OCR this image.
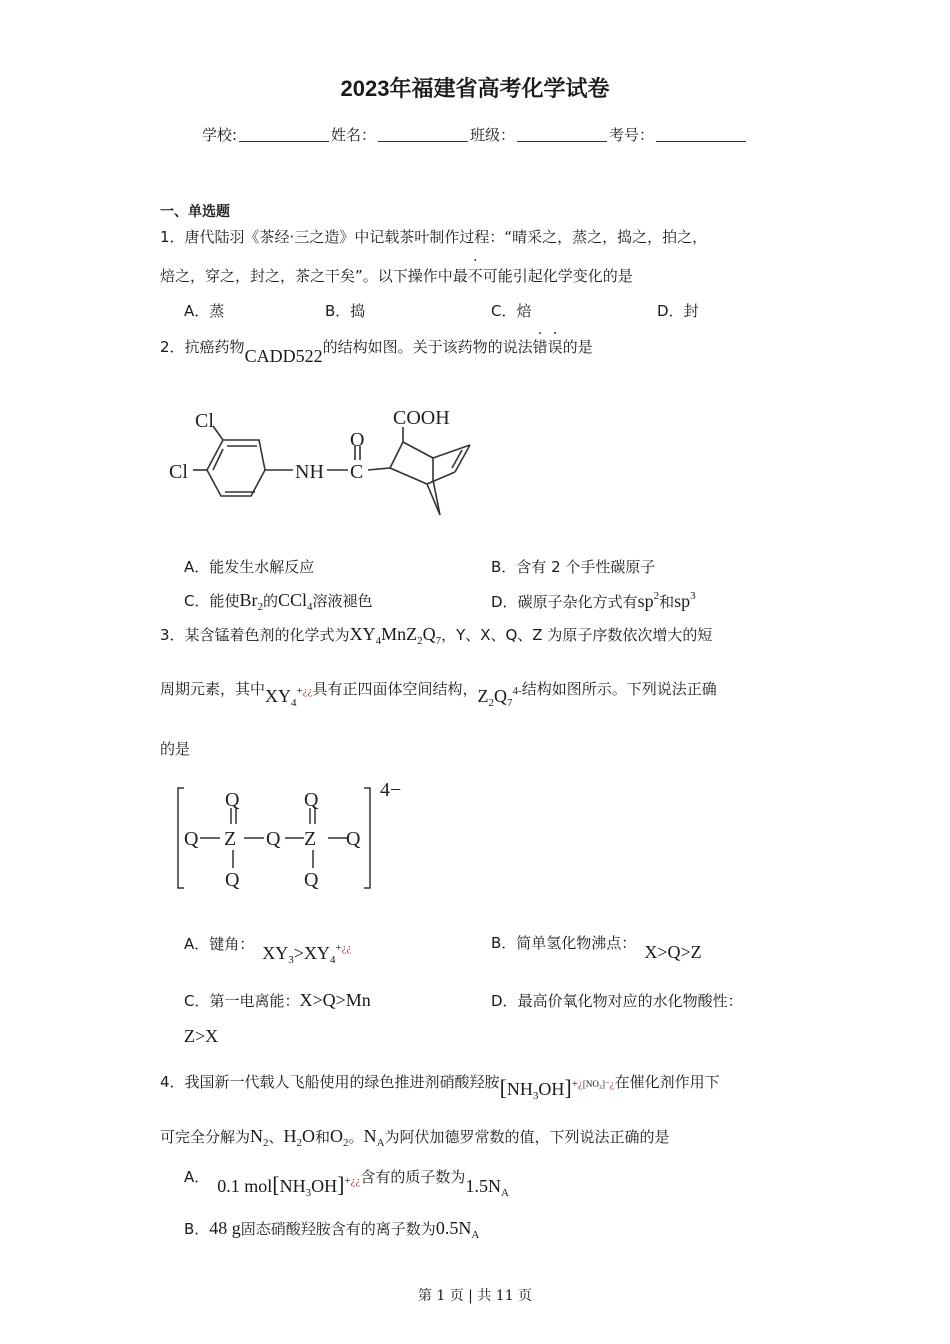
2023年福建省高考化学试卷
学校:	姓名：	班级：	考号：
一、单选题
1．唐代陆羽《茶经·三之造》中记载茶叶制作过程：“晴采之，蒸之，捣之，拍之，
焙之，穿之，封之，茶之干矣”。以下操作中最不可能引起化学变化的是
A．蒸	B．捣	C．焙	D．封
2．抗癌药物CADD522的结构如图。关于该药物的说法错误
· ·
的是
Cl
Cl	NH C
O
COOH
A．能发生水解反应	B．含有 2 个手性碳原子
C．能使$Br_2$的CCl$_4$溶液褪色	D．碳原子杂化方式有$sp^2$和$sp^3$
3．某含锰着色剂的化学式为$XY_4MnZ_2Q_7$，Y、X、Q、Z 为原子序数依次增大的短
周期元素，其中$XY_4^{+¿¿}$具有正四面体空间结构，$Z_2Q_7^{4-}$结构如图所示。下列说法正确
的是
Q	Q
Q Z Q Z Q
Q	Q
4−
A．键角： $XY_3>XY_4^{+¿¿}$	B．简单氢化物沸点： X>Q>Z
C．第一电离能：X>Q>Mn	D．最高价氧化物对应的水化物酸性：
Z>X
4．我国新一代载人飞船使用的绿色推进剂硝酸羟胺$[NH_3OH]^{+¿[NO_3]^-¿}$在催化剂作用下
可完全分解为$N_2$、$H_2O$和$O_2$。$N_A$为阿伏加德罗常数的值，下列说法正确的是
A． 0.1 $mol[NH_3OH]^{+¿¿}$含有的质子数为$1.5N_A$
B．48 g固态硝酸羟胺含有的离子数为$0.5N_A$
第 1 页 | 共 11 页
